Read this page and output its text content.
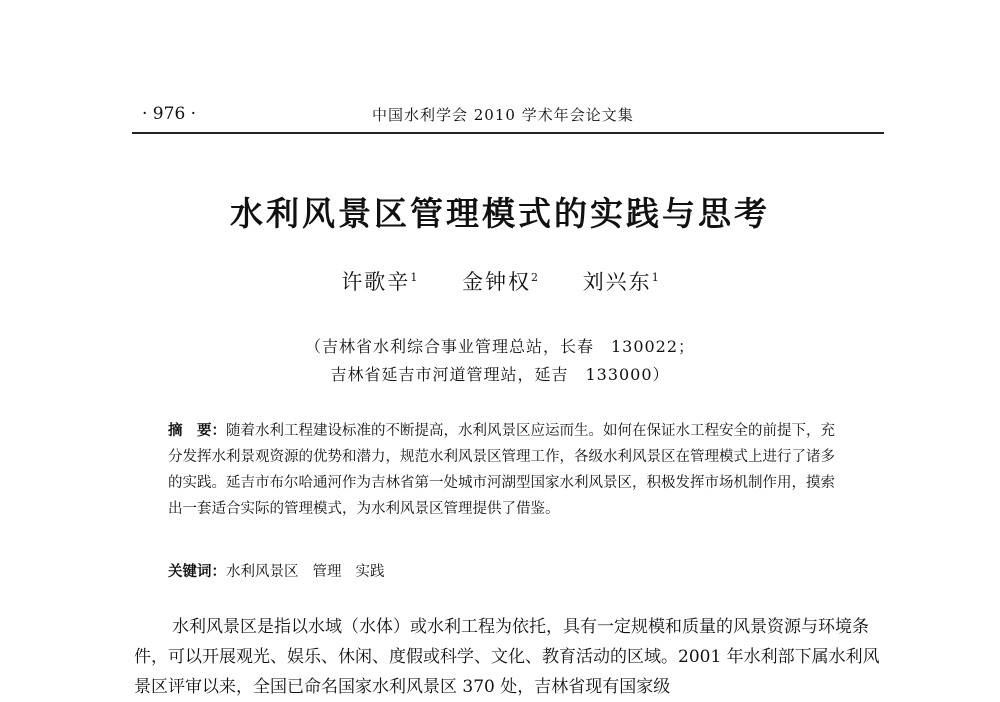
· 976 ·	中国水利学会 2010 学术年会论文集
水利风景区管理模式的实践与思考
许歌辛$^1$ 金钟权$^2$ 刘兴东$^1$
（吉林省水利综合事业管理总站，长春　130022；
吉林省延吉市河道管理站，延吉　133000）
摘　要：随着水利工程建设标准的不断提高，水利风景区应运而生。如何在保证水工程安全的前提下，充分发挥水利景观资源的优势和潜力，规范水利风景区管理工作，各级水利风景区在管理模式上进行了诸多的实践。延吉市布尔哈通河作为吉林省第一处城市河湖型国家水利风景区，积极发挥市场机制作用，摸索出一套适合实际的管理模式，为水利风景区管理提供了借鉴。
关键词：水利风景区 管理 实践
水利风景区是指以水域（水体）或水利工程为依托，具有一定规模和质量的风景资源与环境条件，可以开展观光、娱乐、休闲、度假或科学、文化、教育活动的区域。2001 年水利部下属水利风景区评审以来，全国已命名国家水利风景区 370 处，吉林省现有国家级
